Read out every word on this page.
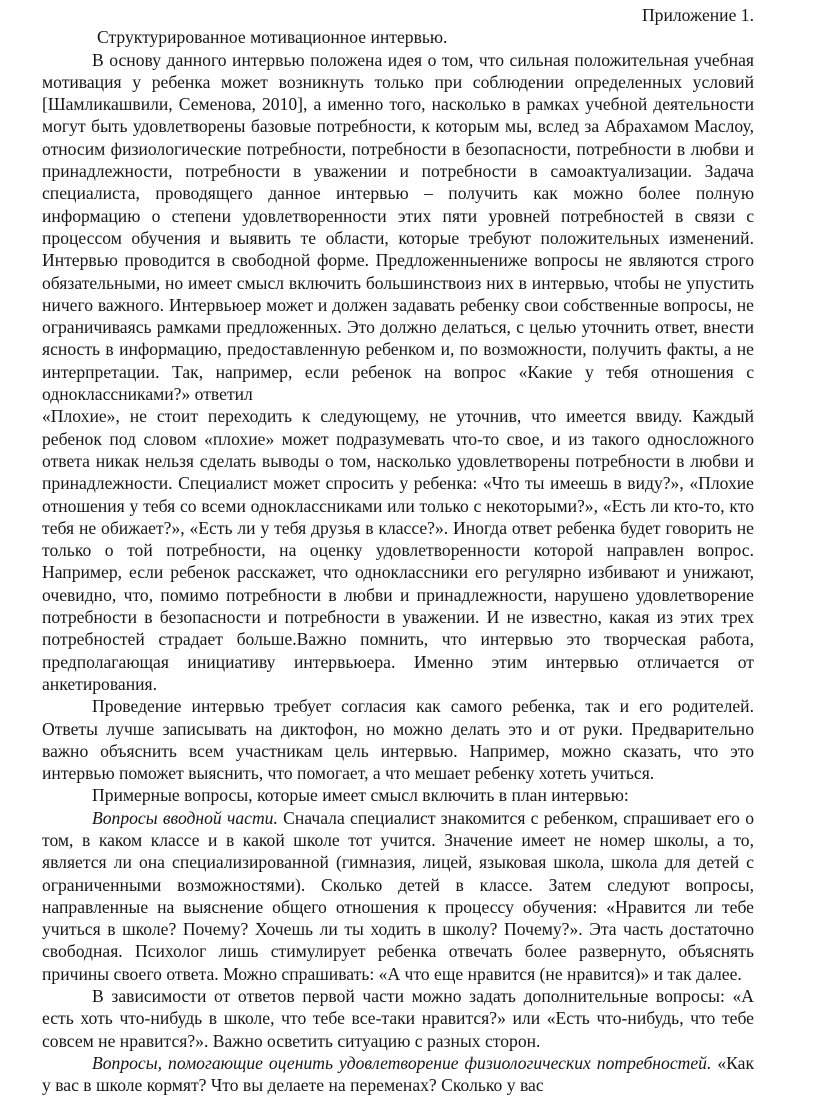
Приложение 1.

Структурированное мотивационное интервью.

В основу данного интервью положена идея о том, что сильная положительная учебная мотивация у ребенка может возникнуть только при соблюдении определенных условий [Шамликашвили, Семенова, 2010], а именно того, насколько в рамках учебной деятельности могут быть удовлетворены базовые потребности, к которым мы, вслед за Абрахамом Маслоу, относим физиологические потребности, потребности в безопасности, потребности в любви и принадлежности, потребности в уважении и потребности в самоактуализации. Задача специалиста, проводящего данное интервью – получить как можно более полную информацию о степени удовлетворенности этих пяти уровней потребностей в связи с процессом обучения и выявить те области, которые требуют положительных изменений. Интервью проводится в свободной форме. Предложенныениже вопросы не являются строго обязательными, но имеет смысл включить большинствоиз них в интервью, чтобы не упустить ничего важного. Интервьюер может и должен задавать ребенку свои собственные вопросы, не ограничиваясь рамками предложенных. Это должно делаться, с целью уточнить ответ, внести ясность в информацию, предоставленную ребенком и, по возможности, получить факты, а не интерпретации. Так, например, если ребенок на вопрос «Какие у тебя отношения с одноклассниками?» ответил

«Плохие», не стоит переходить к следующему, не уточнив, что имеется ввиду. Каждый ребенок под словом «плохие» может подразумевать что-то свое, и из такого односложного ответа никак нельзя сделать выводы о том, насколько удовлетворены потребности в любви и принадлежности. Специалист может спросить у ребенка: «Что ты имеешь в виду?», «Плохие отношения у тебя со всеми одноклассниками или только с некоторыми?», «Есть ли кто-то, кто тебя не обижает?», «Есть ли у тебя друзья в классе?». Иногда ответ ребенка будет говорить не только о той потребности, на оценку удовлетворенности которой направлен вопрос. Например, если ребенок расскажет, что одноклассники его регулярно избивают и унижают, очевидно, что, помимо потребности в любви и принадлежности, нарушено удовлетворение потребности в безопасности и потребности в уважении. И не известно, какая из этих трех потребностей страдает больше.Важно помнить, что интервью это творческая работа, предполагающая инициативу интервьюера. Именно этим интервью отличается от анкетирования.

Проведение интервью требует согласия как самого ребенка, так и его родителей. Ответы лучше записывать на диктофон, но можно делать это и от руки. Предварительно важно объяснить всем участникам цель интервью. Например, можно сказать, что это интервью поможет выяснить, что помогает, а что мешает ребенку хотеть учиться.

Примерные вопросы, которые имеет смысл включить в план интервью:

Вопросы вводной части. Сначала специалист знакомится с ребенком, спрашивает его о том, в каком классе и в какой школе тот учится. Значение имеет не номер школы, а то, является ли она специализированной (гимназия, лицей, языковая школа, школа для детей с ограниченными возможностями). Сколько детей в классе. Затем следуют вопросы, направленные на выяснение общего отношения к процессу обучения: «Нравится ли тебе учиться в школе? Почему? Хочешь ли ты ходить в школу? Почему?». Эта часть достаточно свободная. Психолог лишь стимулирует ребенка отвечать более развернуто, объяснять причины своего ответа. Можно спрашивать: «А что еще нравится (не нравится)» и так далее.

В зависимости от ответов первой части можно задать дополнительные вопросы: «А есть хоть что-нибудь в школе, что тебе все-таки нравится?» или «Есть что-нибудь, что тебе совсем не нравится?». Важно осветить ситуацию с разных сторон.

Вопросы, помогающие оценить удовлетворение физиологических потребностей. «Как у вас в школе кормят? Что вы делаете на переменах? Сколько у вас
